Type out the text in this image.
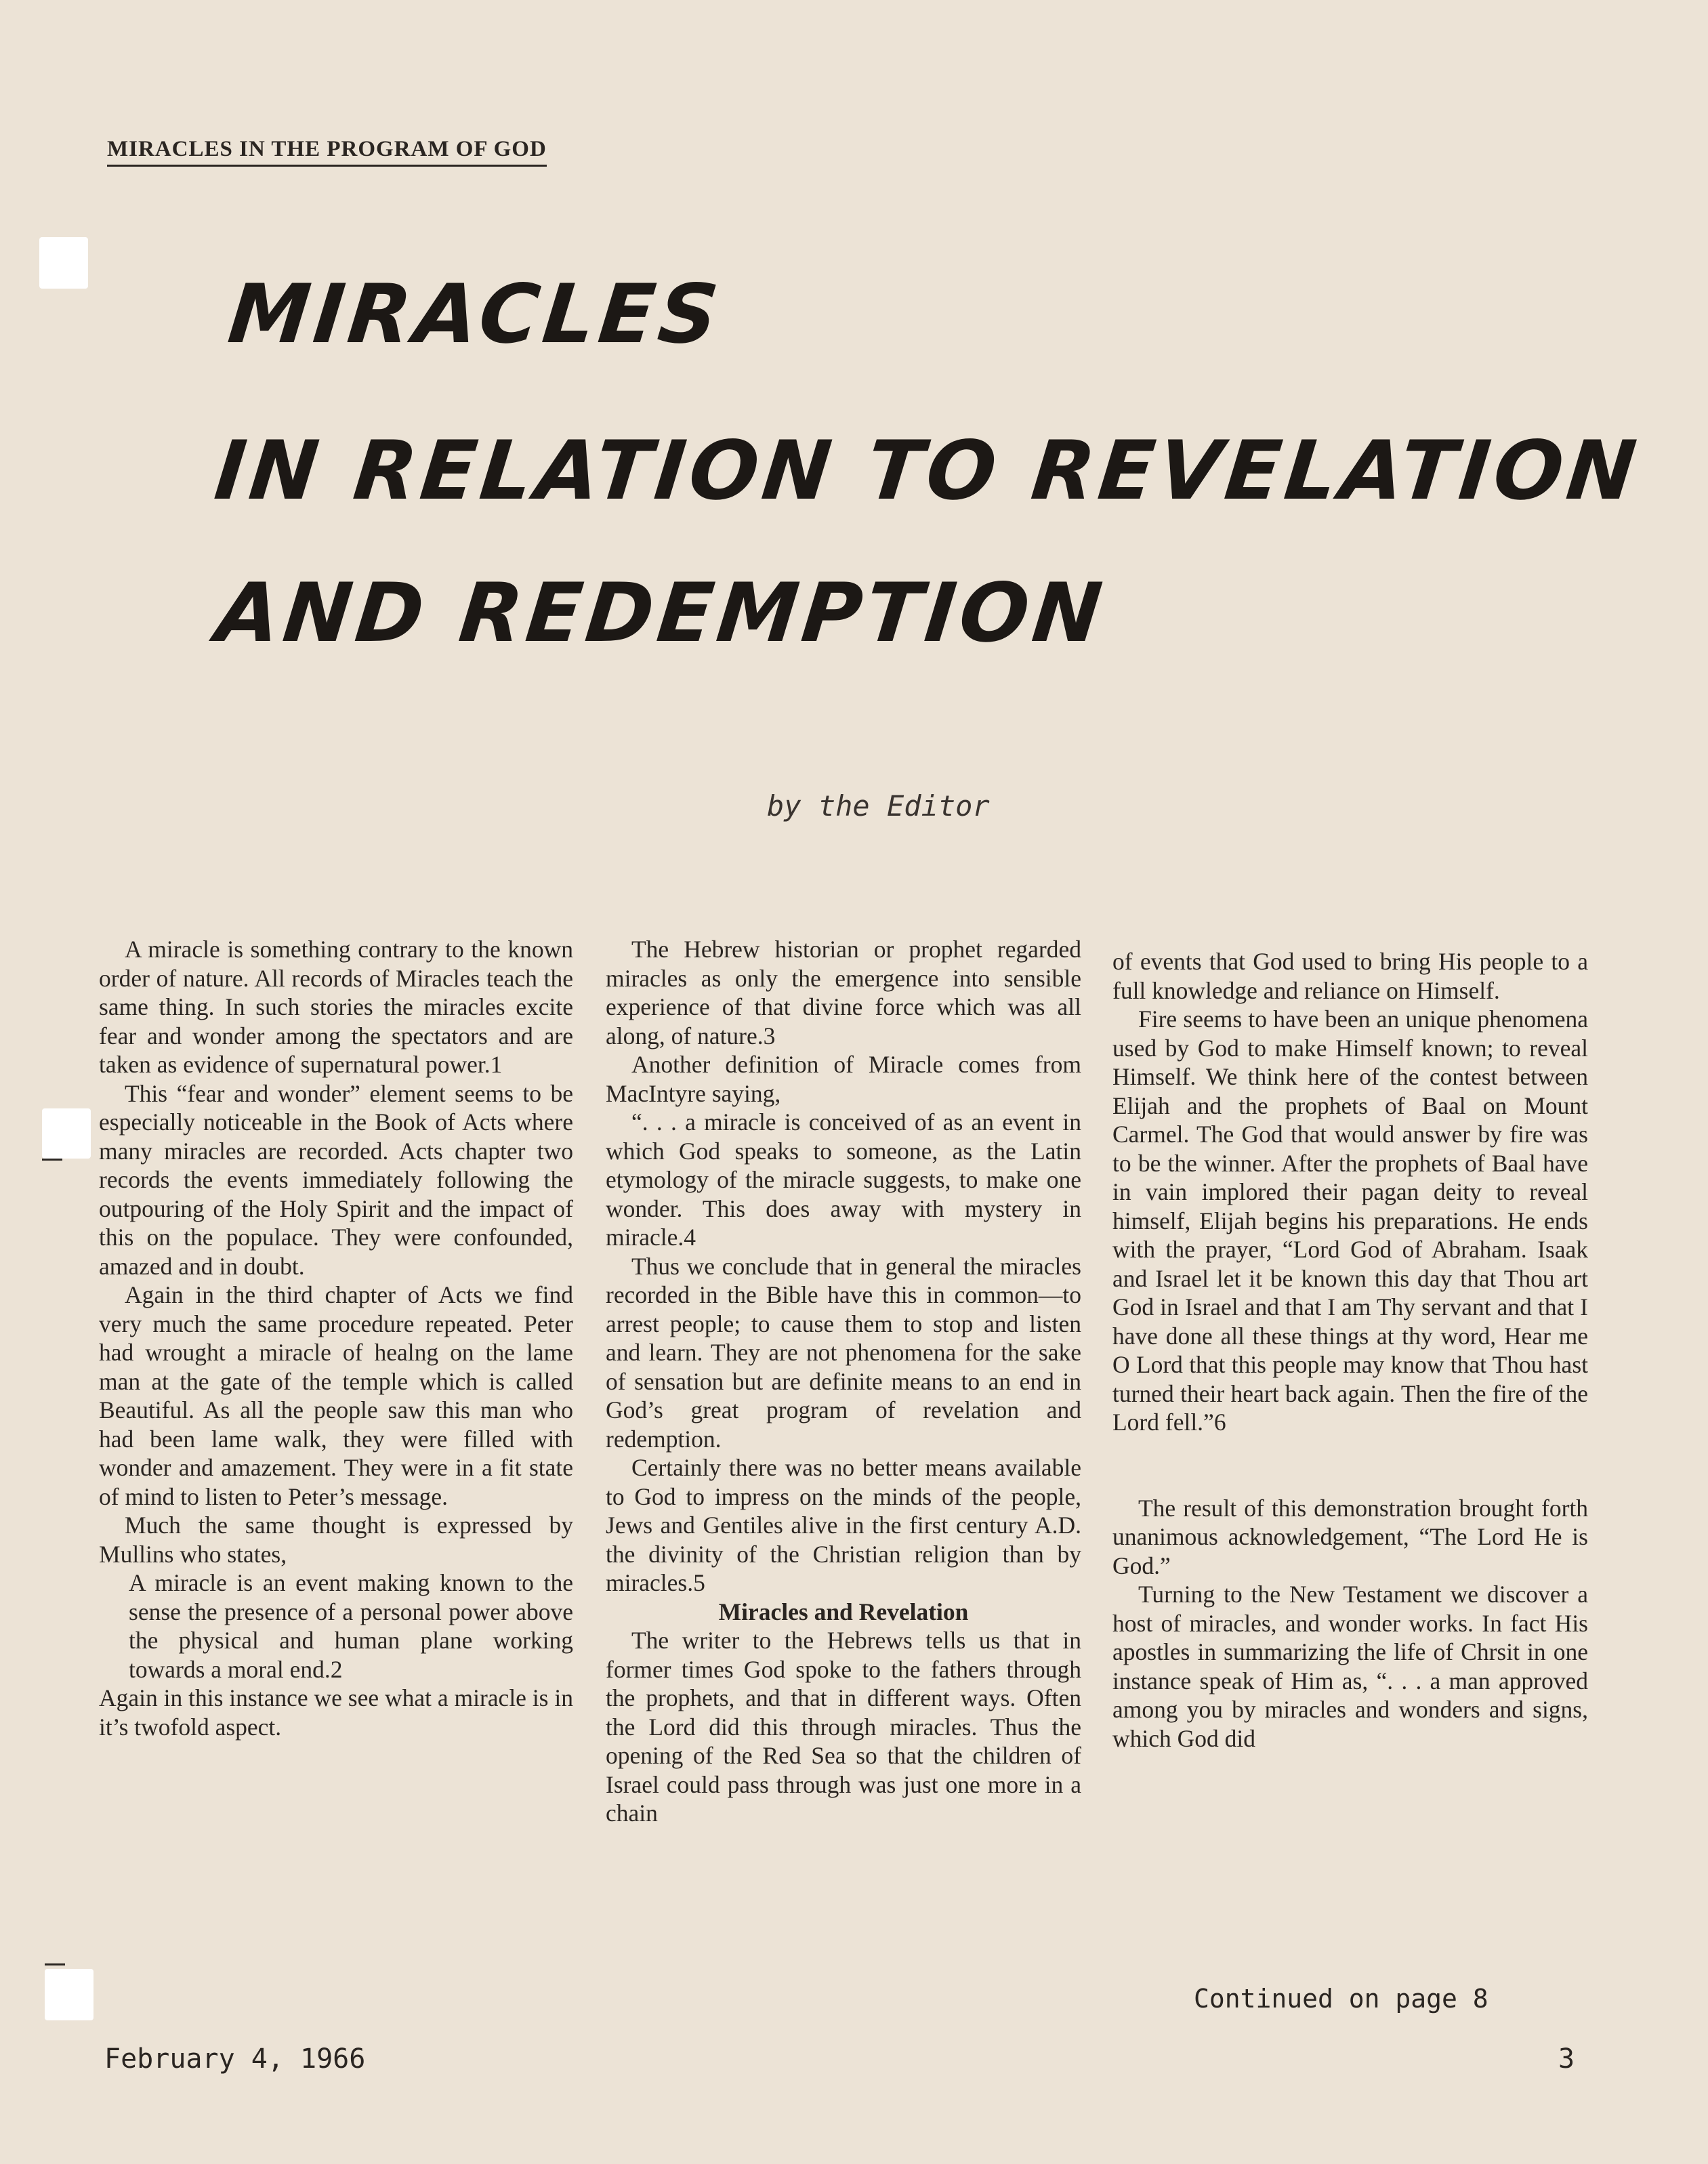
MIRACLES IN THE PROGRAM OF GOD
MIRACLES
IN RELATION TO REVELATION
AND REDEMPTION
by the Editor

A miracle is something contrary to the known order of nature. All records of Miracles teach the same thing. In such stories the miracles excite fear and wonder among the spectators and are taken as evidence of supernatural power.1

This “fear and wonder” element seems to be especially noticeable in the Book of Acts where many miracles are recorded. Acts chapter two records the events immediately following the outpouring of the Holy Spirit and the impact of this on the populace. They were confounded, amazed and in doubt.

Again in the third chapter of Acts we find very much the same procedure repeated. Peter had wrought a miracle of healng on the lame man at the gate of the temple which is called Beautiful. As all the people saw this man who had been lame walk, they were filled with wonder and amazement. They were in a fit state of mind to listen to Peter’s message.

Much the same thought is expressed by Mullins who states,

A miracle is an event making known to the sense the presence of a personal power above the physical and human plane working towards a moral end.2

Again in this instance we see what a miracle is in it’s twofold aspect.

The Hebrew historian or prophet regarded miracles as only the emergence into sensible experience of that divine force which was all along, of nature.3

Another definition of Miracle comes from MacIntyre saying,

“. . . a miracle is conceived of as an event in which God speaks to someone, as the Latin etymology of the miracle suggests, to make one wonder. This does away with mystery in miracle.4

Thus we conclude that in general the miracles recorded in the Bible have this in common—to arrest people; to cause them to stop and listen and learn. They are not phenomena for the sake of sensation but are definite means to an end in God’s great program of revelation and redemption.

Certainly there was no better means available to God to impress on the minds of the people, Jews and Gentiles alive in the first century A.D. the divinity of the Christian religion than by miracles.5

Miracles and Revelation

The writer to the Hebrews tells us that in former times God spoke to the fathers through the prophets, and that in different ways. Often the Lord did this through miracles. Thus the opening of the Red Sea so that the children of Israel could pass through was just one more in a chain

of events that God used to bring His people to a full knowledge and reliance on Himself.

Fire seems to have been an unique phenomena used by God to make Himself known; to reveal Himself. We think here of the contest between Elijah and the prophets of Baal on Mount Carmel. The God that would answer by fire was to be the winner. After the prophets of Baal have in vain implored their pagan deity to reveal himself, Elijah begins his preparations. He ends with the prayer, “Lord God of Abraham. Isaak and Israel let it be known this day that Thou art God in Israel and that I am Thy servant and that I have done all these things at thy word, Hear me O Lord that this people may know that Thou hast turned their heart back again. Then the fire of the Lord fell.”6

The result of this demonstration brought forth unanimous acknowledgement, “The Lord He is God.”

Turning to the New Testament we discover a host of miracles, and wonder works. In fact His apostles in summarizing the life of Chrsit in one instance speak of Him as, “. . . a man approved among you by miracles and wonders and signs, which God did

Continued on page 8
February 4, 1966	3
